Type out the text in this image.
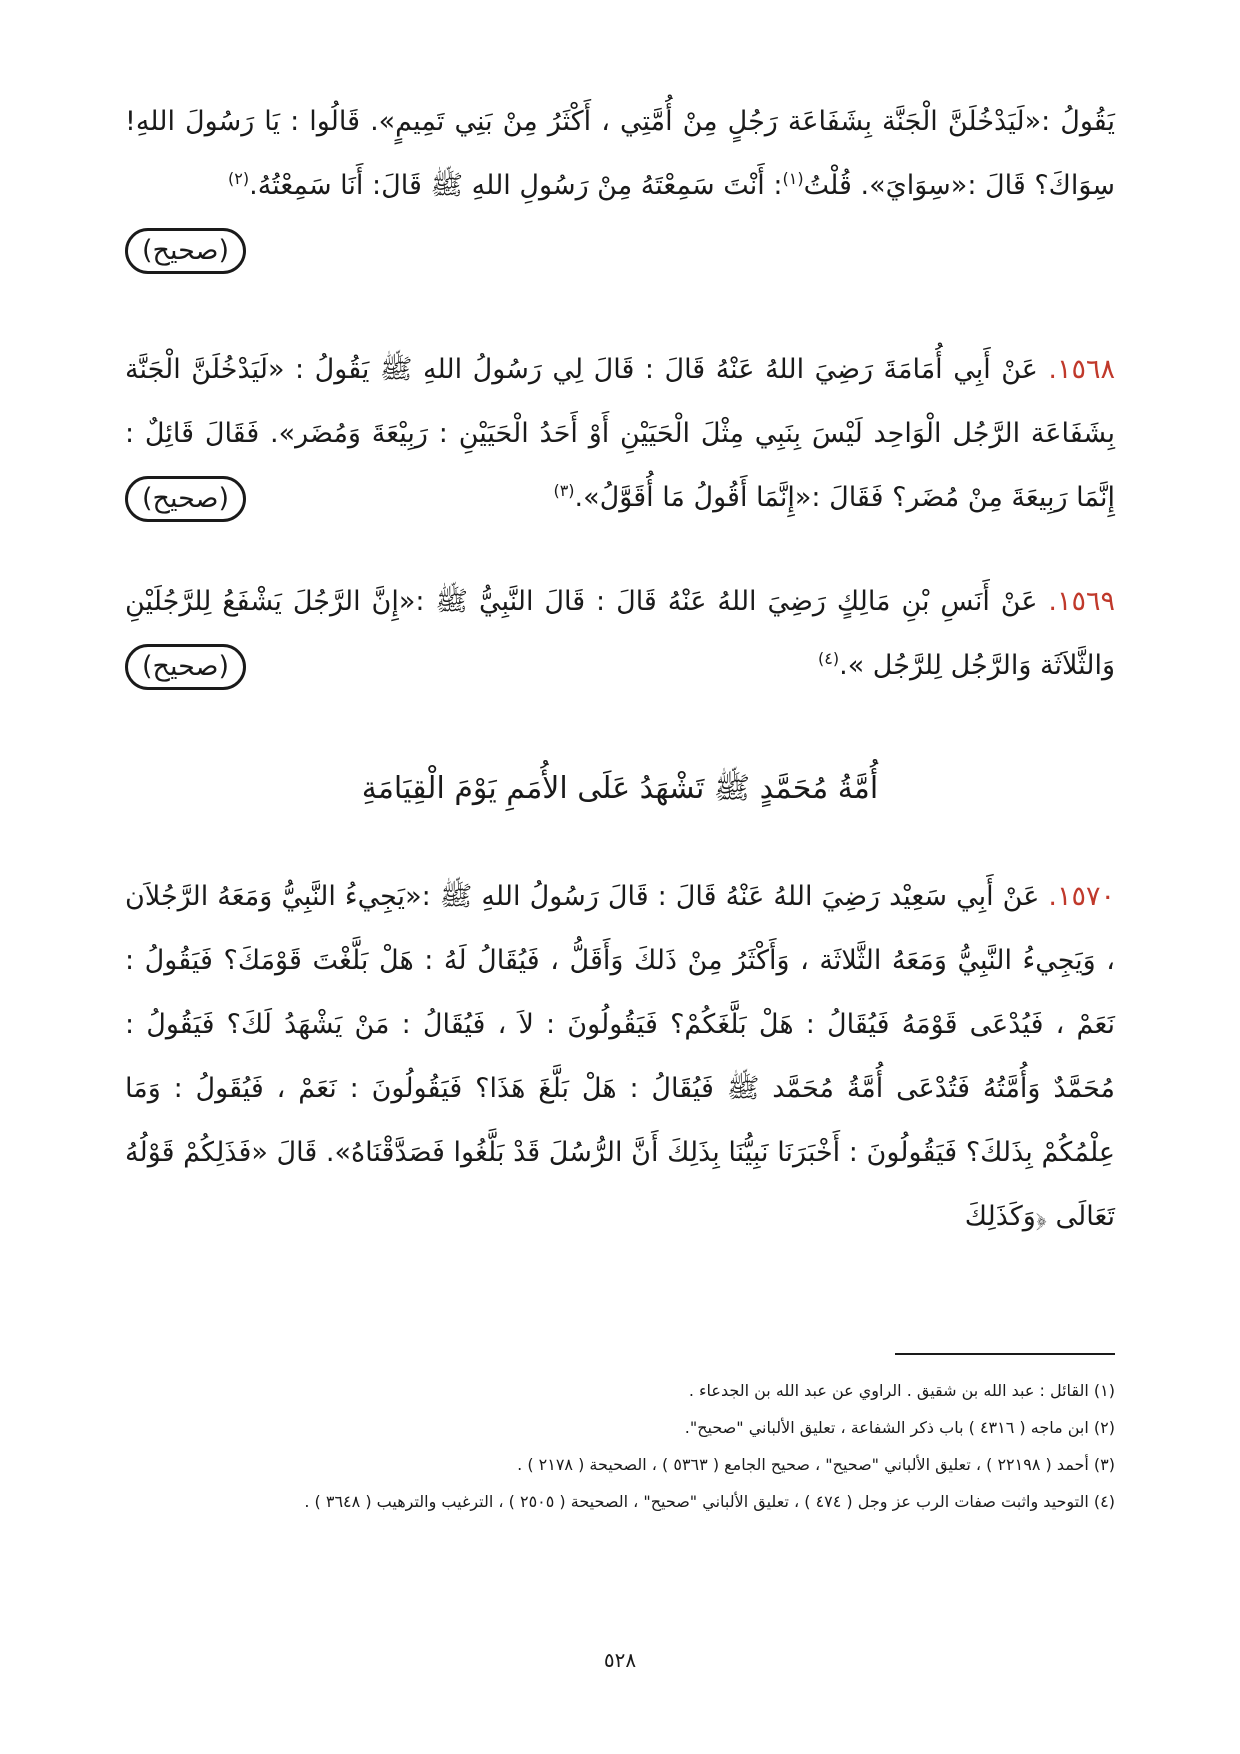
يَقُولُ :«لَيَدْخُلَنَّ الْجَنَّة بِشَفَاعَة رَجُلٍ مِنْ أُمَّتِي ، أَكْثَرُ مِنْ بَنِي تَمِيمٍ». قَالُوا : يَا رَسُولَ اللهِ! سِوَاكَ؟ قَالَ :«سِوَايَ». قُلْتُ$^{(١)}$: أَنْتَ سَمِعْتَهُ مِنْ رَسُولِ اللهِ ﷺ قَالَ: أَنَا سَمِعْتُهُ.$^{(٢)}$
(صحيح)
١٥٦٨. عَنْ أَبِي أُمَامَةَ رَضِيَ اللهُ عَنْهُ قَالَ : قَالَ لِي رَسُولُ اللهِ ﷺ يَقُولُ : «لَيَدْخُلَنَّ الْجَنَّة بِشَفَاعَة الرَّجُل الْوَاحِد لَيْسَ بِنَبِي مِثْلَ الْحَيَيْنِ أَوْ أَحَدُ الْحَيَيْنِ : رَبِيْعَةَ وَمُضَر». فَقَالَ قَائِلٌ : إِنَّمَا رَبِيعَةَ مِنْ مُضَر؟ فَقَالَ :«إِنَّمَا أَقُولُ مَا أُقَوَّلُ».$^{(٣)}$
(صحيح)
١٥٦٩. عَنْ أَنَسِ بْنِ مَالِكٍ رَضِيَ اللهُ عَنْهُ قَالَ : قَالَ النَّبِيُّ ﷺ :«إِنَّ الرَّجُلَ يَشْفَعُ لِلرَّجُلَيْنِ وَالثَّلاَثَة وَالرَّجُل لِلرَّجُل ».$^{(٤)}$
(صحيح)
أُمَّةُ مُحَمَّدٍ ﷺ تَشْهَدُ عَلَى الأُمَمِ يَوْمَ الْقِيَامَةِ
١٥٧٠. عَنْ أَبِي سَعِيْد رَضِيَ اللهُ عَنْهُ قَالَ : قَالَ رَسُولُ اللهِ ﷺ :«يَجِيءُ النَّبِيُّ وَمَعَهُ الرَّجُلاَن ، وَيَجِيءُ النَّبِيُّ وَمَعَهُ الثَّلاثَة ، وَأَكْثَرُ مِنْ ذَلكَ وَأَقَلُّ ، فَيُقَالُ لَهُ : هَلْ بَلَّغْتَ قَوْمَكَ؟ فَيَقُولُ : نَعَمْ ، فَيُدْعَى قَوْمَهُ فَيُقَالُ : هَلْ بَلَّغَكُمْ؟ فَيَقُولُونَ : لاَ ، فَيُقَالُ : مَنْ يَشْهَدُ لَكَ؟ فَيَقُولُ : مُحَمَّدٌ وَأُمَّتُهُ فَتُدْعَى أُمَّةُ مُحَمَّد ﷺ فَيُقَالُ : هَلْ بَلَّغَ هَذَا؟ فَيَقُولُونَ : نَعَمْ ، فَيُقَولُ : وَمَا عِلْمُكُمْ بِذَلكَ؟ فَيَقُولُونَ : أَخْبَرَنَا نَبِيُّنَا بِذَلِكَ أَنَّ الرُّسُلَ قَدْ بَلَّغُوا فَصَدَّقْنَاهُ». قَالَ «فَذَلِكُمْ قَوْلُهُ تَعَالَى ﴿وَكَذَلِكَ

(١) القائل : عبد الله بن شقيق . الراوي عن عبد الله بن الجدعاء .

(٢) ابن ماجه ( ٤٣١٦ ) باب ذكر الشفاعة ، تعليق الألباني "صحيح".

(٣) أحمد ( ٢٢١٩٨ ) ، تعليق الألباني "صحيح" ، صحيح الجامع ( ٥٣٦٣ ) ، الصحيحة ( ٢١٧٨ ) .

(٤) التوحيد واثبت صفات الرب عز وجل ( ٤٧٤ ) ، تعليق الألباني "صحيح" ، الصحيحة ( ٢٥٠٥ ) ، الترغيب والترهيب ( ٣٦٤٨ ) .

٥٢٨
